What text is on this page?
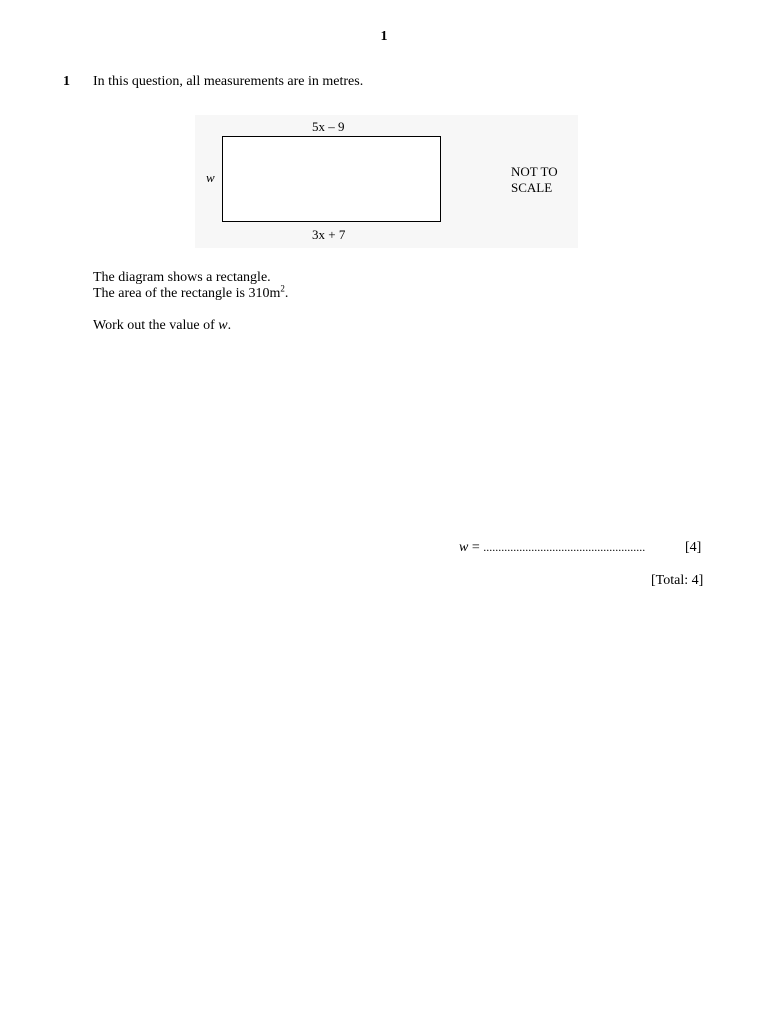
1
1 In this question, all measurements are in metres.
5x – 9
3x + 7
w	NOT TO
SCALE
The diagram shows a rectangle.
The area of the rectangle is $310m^2$.
Work out the value of w.
w = ......................................................	[4]
[Total: 4]
